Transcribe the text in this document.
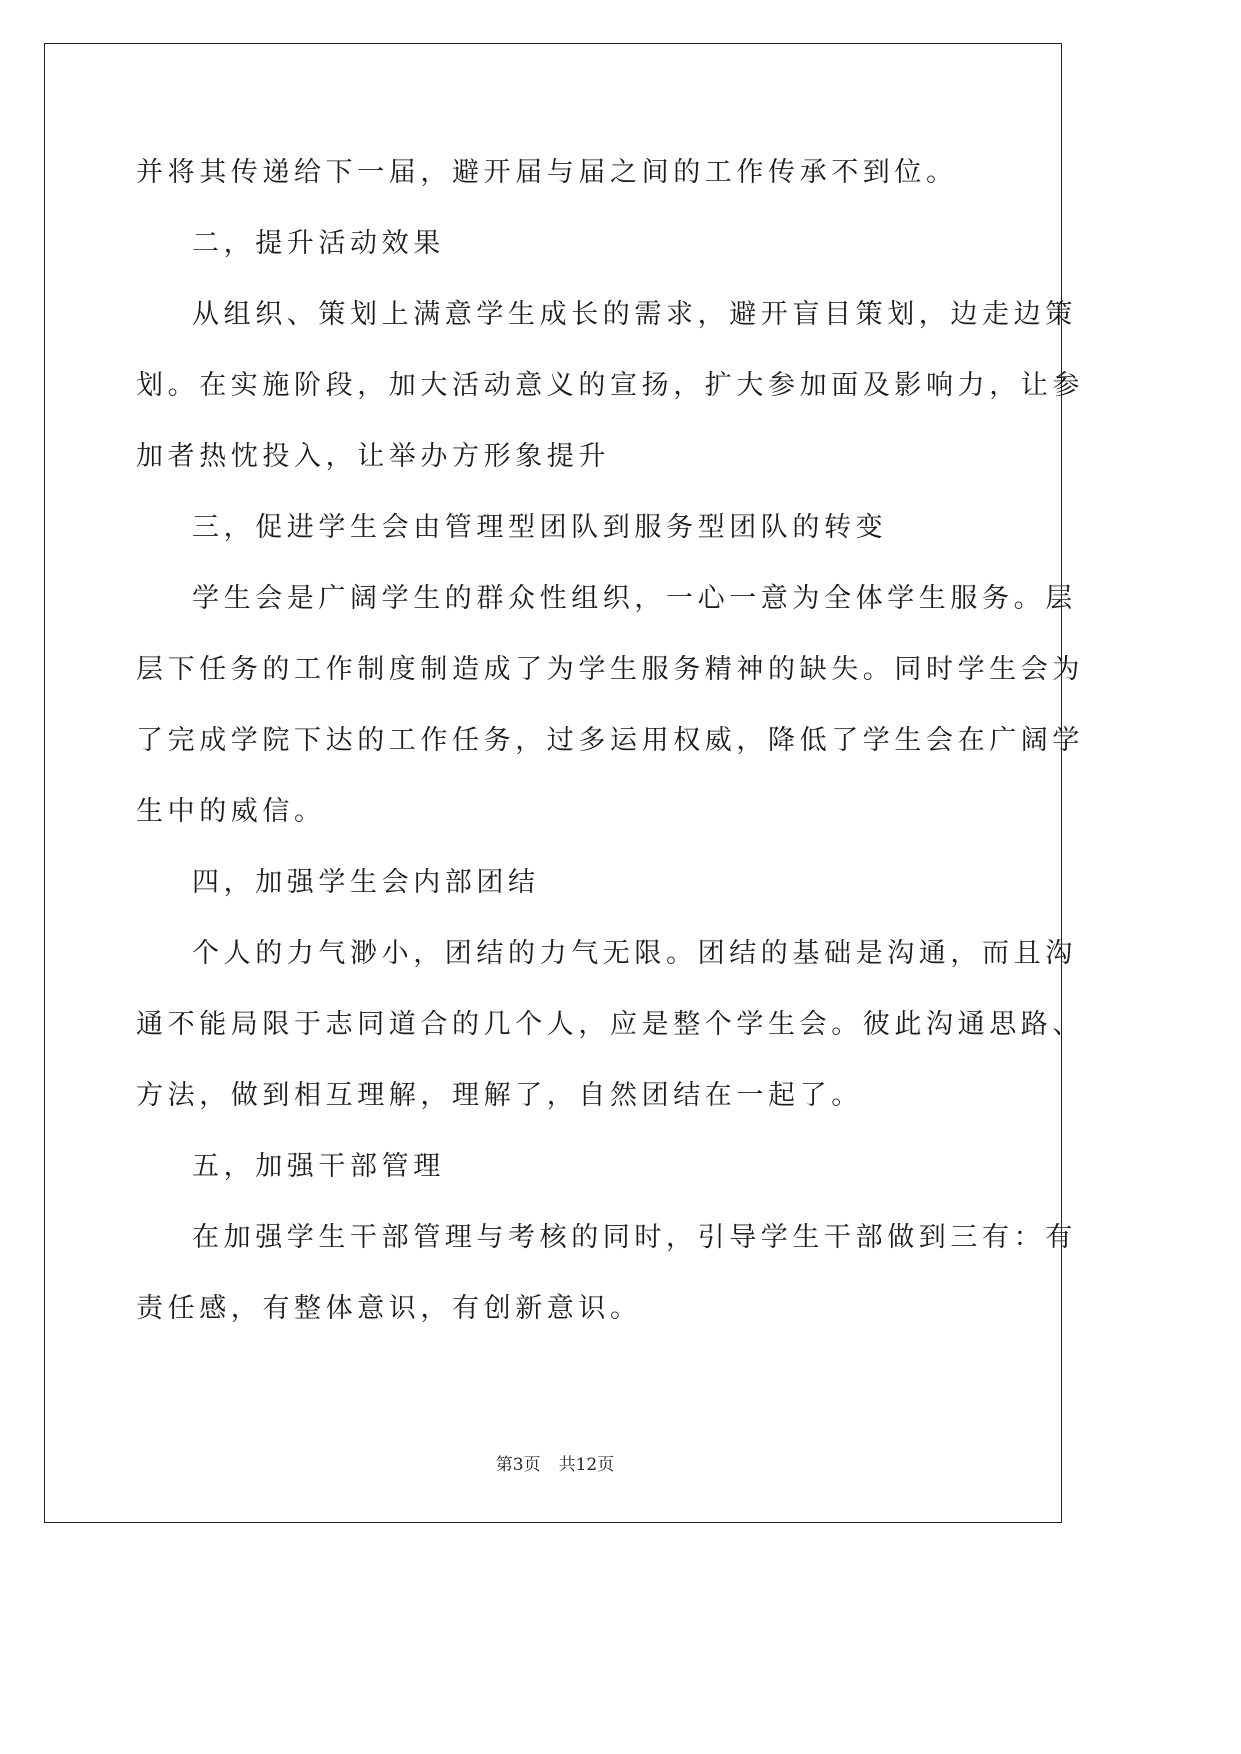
并将其传递给下一届，避开届与届之间的工作传承不到位。
二，提升活动效果
从组织、策划上满意学生成长的需求，避开盲目策划，边走边策
划。在实施阶段，加大活动意义的宣扬，扩大参加面及影响力，让参
加者热忱投入，让举办方形象提升
三，促进学生会由管理型团队到服务型团队的转变
学生会是广阔学生的群众性组织，一心一意为全体学生服务。层
层下任务的工作制度制造成了为学生服务精神的缺失。同时学生会为
了完成学院下达的工作任务，过多运用权威，降低了学生会在广阔学
生中的威信。
四，加强学生会内部团结
个人的力气渺小，团结的力气无限。团结的基础是沟通，而且沟
通不能局限于志同道合的几个人，应是整个学生会。彼此沟通思路、
方法，做到相互理解，理解了，自然团结在一起了。
五，加强干部管理
在加强学生干部管理与考核的同时，引导学生干部做到三有：有
责任感，有整体意识，有创新意识。
第3页 共12页
